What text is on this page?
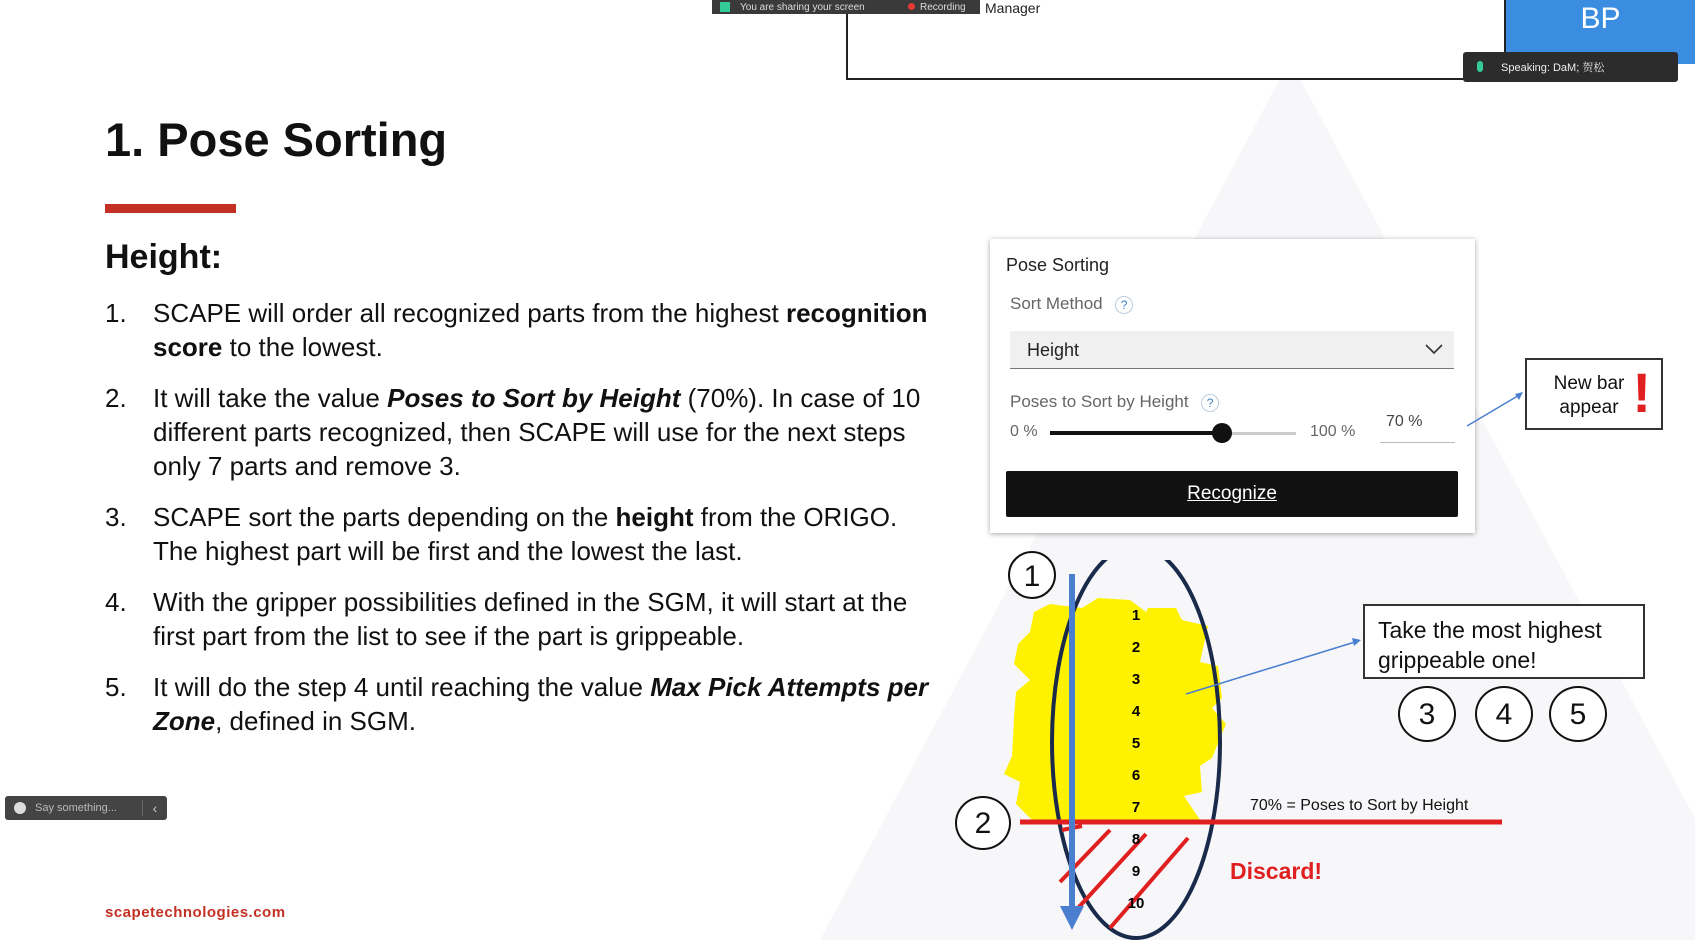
You are sharing your screen	Recording Manager	BP
Speaking: DaM; 贺松
1. Pose Sorting
Height:
1. SCAPE will order all recognized parts from the highest recognition score to the lowest.
2. It will take the value Poses to Sort by Height (70%). In case of 10 different parts recognized, then SCAPE will use for the next steps only 7 parts and remove 3.
3. SCAPE sort the parts depending on the height from the ORIGO. The highest part will be first and the lowest the last.
4. With the gripper possibilities defined in the SGM, it will start at the first part from the list to see if the part is grippeable.
5. It will do the step 4 until reaching the value Max Pick Attempts per Zone, defined in SGM.
Say something...	‹
scapetechnologies.com
Pose Sorting
Sort Method ?
Height
Poses to Sort by Height ?
0 %	100 %
70 %
Recognize
New bar appear !
1
2
3
4
5
6
7
8
9
10
70% = Poses to Sort by Height
Discard!
1
2
Take the most highest grippeable one!
3	4	5
